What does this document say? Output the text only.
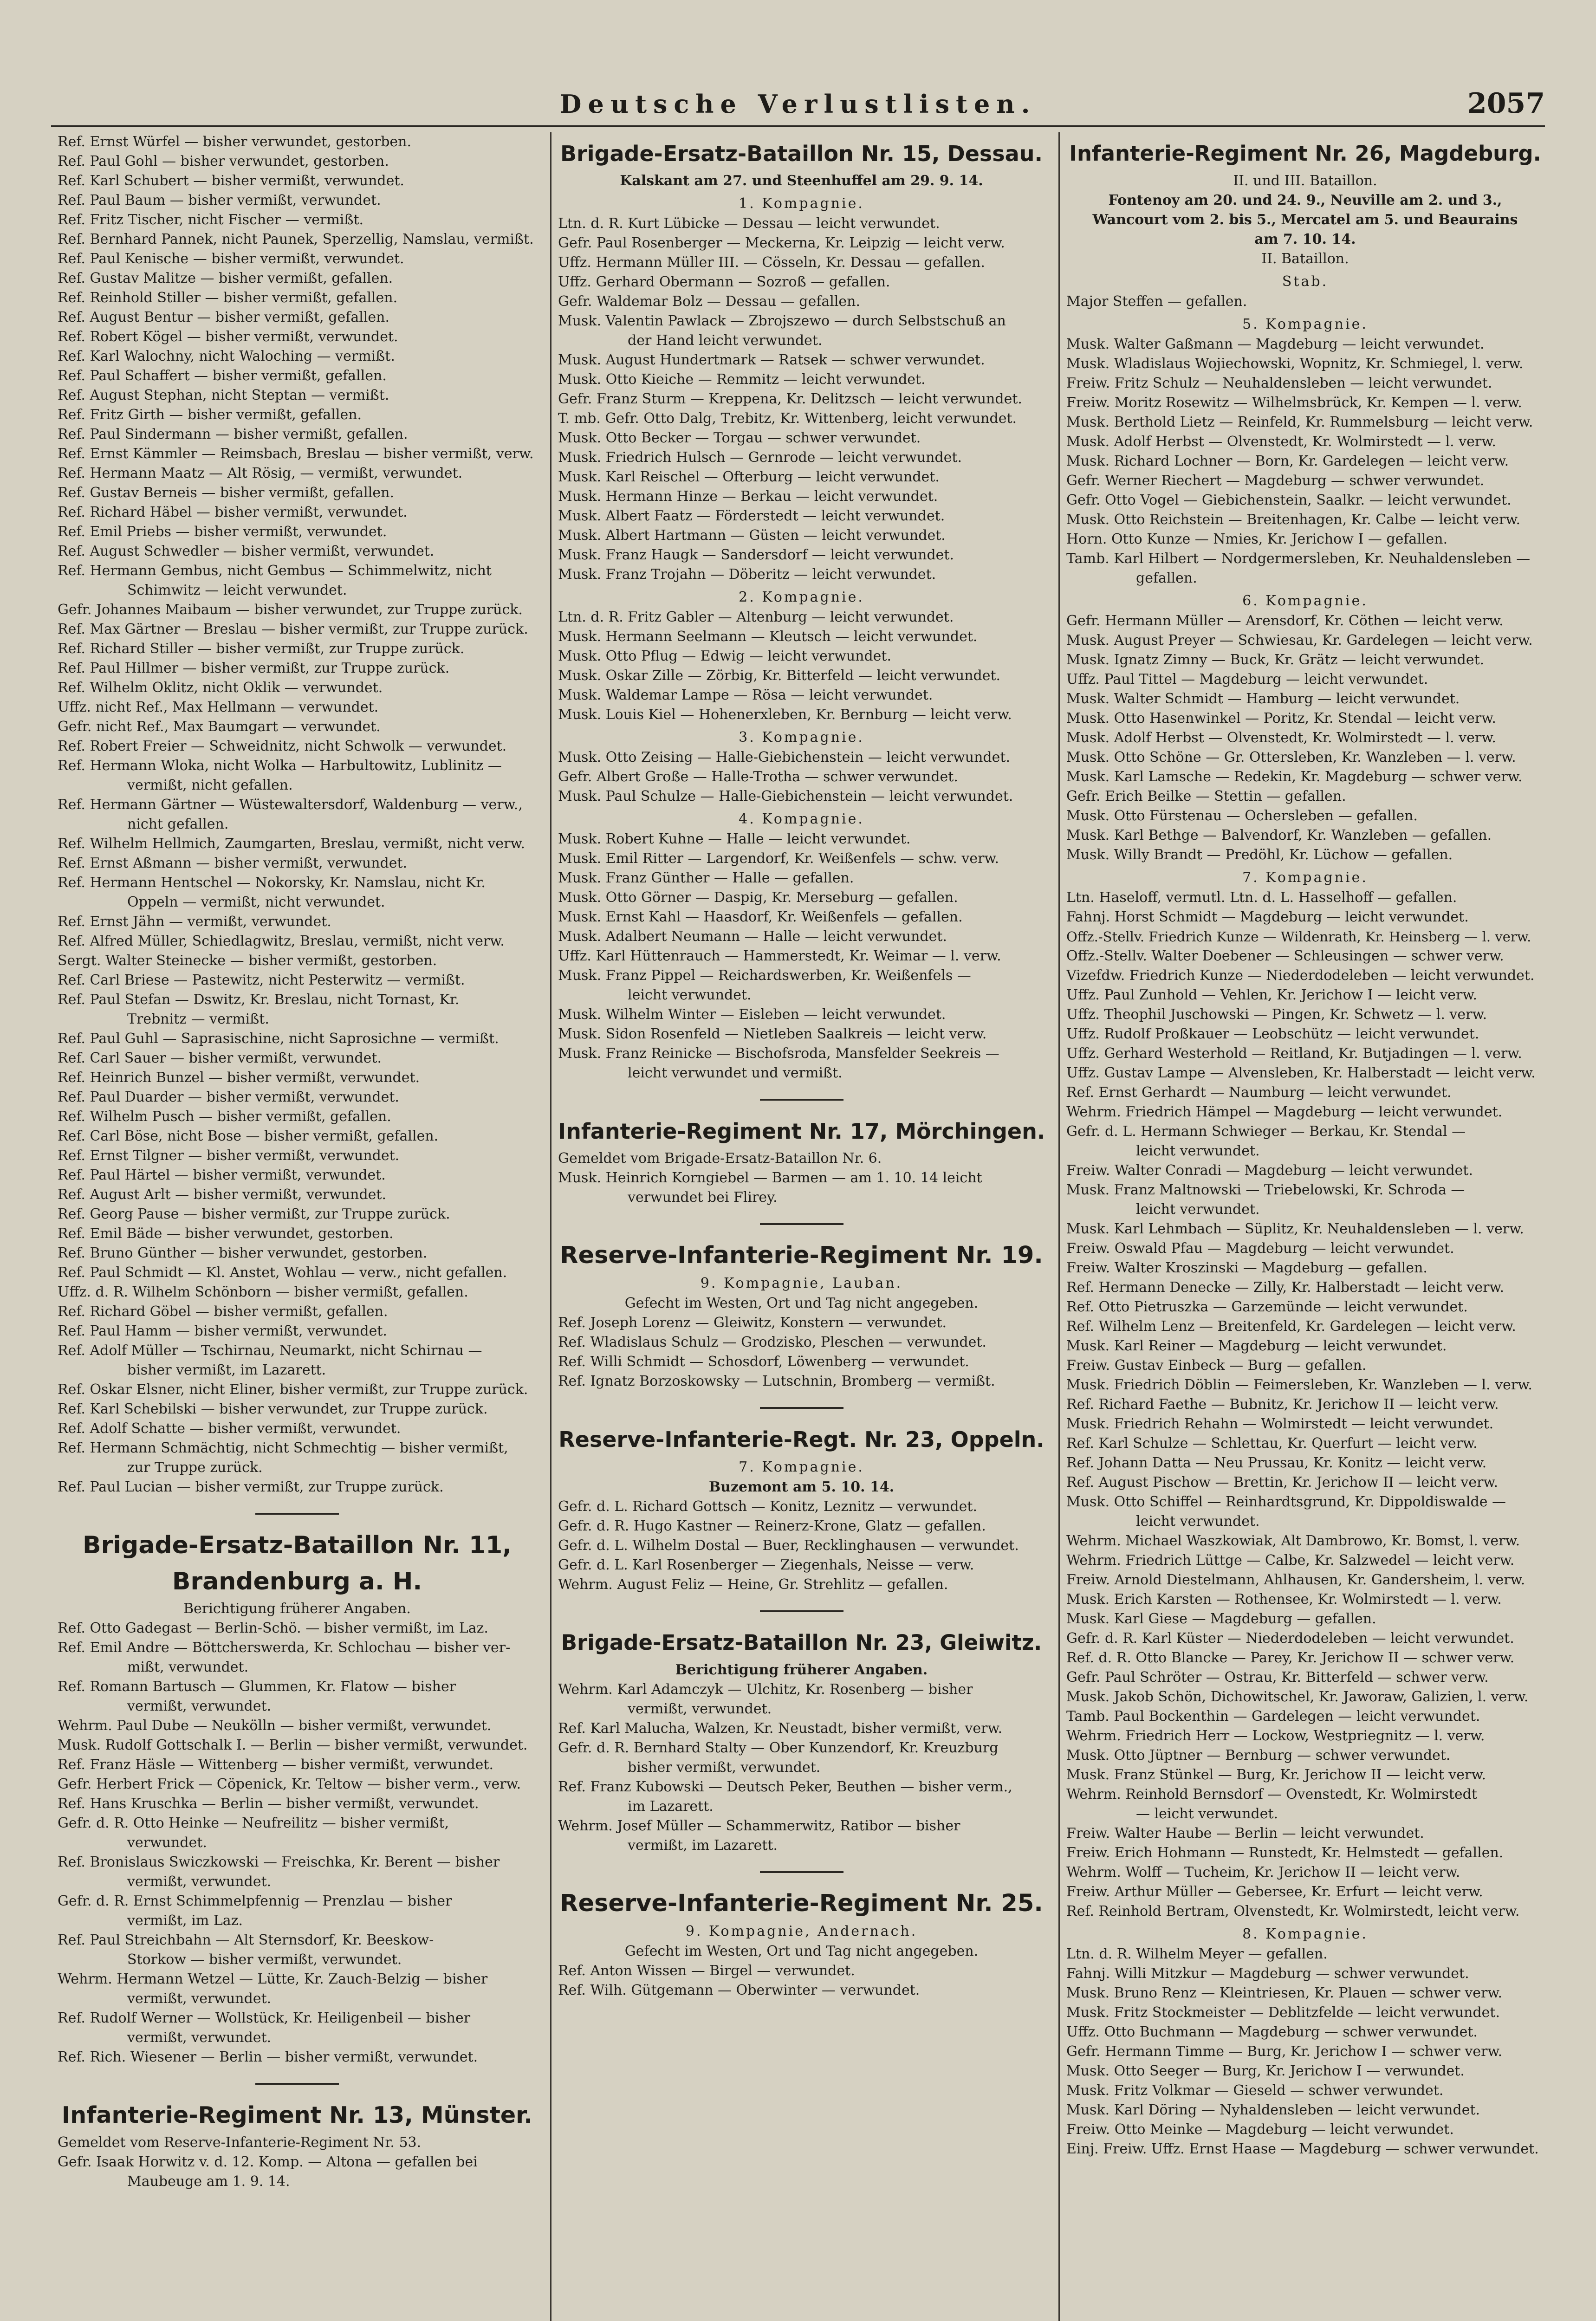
Deutsche Verlustlisten.	2057
Ref. Ernst Würfel — bisher verwundet, gestorben.
Ref. Paul Gohl — bisher verwundet, gestorben.
Ref. Karl Schubert — bisher vermißt, verwundet.
Ref. Paul Baum — bisher vermißt, verwundet.
Ref. Fritz Tischer, nicht Fischer — vermißt.
Ref. Bernhard Pannek, nicht Paunek, Sperzellig, Namslau, vermißt.
Ref. Paul Kenische — bisher vermißt, verwundet.
Ref. Gustav Malitze — bisher vermißt, gefallen.
Ref. Reinhold Stiller — bisher vermißt, gefallen.
Ref. August Bentur — bisher vermißt, gefallen.
Ref. Robert Kögel — bisher vermißt, verwundet.
Ref. Karl Walochny, nicht Waloching — vermißt.
Ref. Paul Schaffert — bisher vermißt, gefallen.
Ref. August Stephan, nicht Steptan — vermißt.
Ref. Fritz Girth — bisher vermißt, gefallen.
Ref. Paul Sindermann — bisher vermißt, gefallen.
Ref. Ernst Kämmler — Reimsbach, Breslau — bisher vermißt, verw.
Ref. Hermann Maatz — Alt Rösig, — vermißt, verwundet.
Ref. Gustav Berneis — bisher vermißt, gefallen.
Ref. Richard Häbel — bisher vermißt, verwundet.
Ref. Emil Priebs — bisher vermißt, verwundet.
Ref. August Schwedler — bisher vermißt, verwundet.
Ref. Hermann Gembus, nicht Gembus — Schimmelwitz, nicht
Schimwitz — leicht verwundet.
Gefr. Johannes Maibaum — bisher verwundet, zur Truppe zurück.
Ref. Max Gärtner — Breslau — bisher vermißt, zur Truppe zurück.
Ref. Richard Stiller — bisher vermißt, zur Truppe zurück.
Ref. Paul Hillmer — bisher vermißt, zur Truppe zurück.
Ref. Wilhelm Oklitz, nicht Oklik — verwundet.
Uffz. nicht Ref., Max Hellmann — verwundet.
Gefr. nicht Ref., Max Baumgart — verwundet.
Ref. Robert Freier — Schweidnitz, nicht Schwolk — verwundet.
Ref. Hermann Wloka, nicht Wolka — Harbultowitz, Lublinitz —
vermißt, nicht gefallen.
Ref. Hermann Gärtner — Wüstewaltersdorf, Waldenburg — verw.,
nicht gefallen.
Ref. Wilhelm Hellmich, Zaumgarten, Breslau, vermißt, nicht verw.
Ref. Ernst Aßmann — bisher vermißt, verwundet.
Ref. Hermann Hentschel — Nokorsky, Kr. Namslau, nicht Kr.
Oppeln — vermißt, nicht verwundet.
Ref. Ernst Jähn — vermißt, verwundet.
Ref. Alfred Müller, Schiedlagwitz, Breslau, vermißt, nicht verw.
Sergt. Walter Steinecke — bisher vermißt, gestorben.
Ref. Carl Briese — Pastewitz, nicht Pesterwitz — vermißt.
Ref. Paul Stefan — Dswitz, Kr. Breslau, nicht Tornast, Kr.
Trebnitz — vermißt.
Ref. Paul Guhl — Saprasischine, nicht Saprosichne — vermißt.
Ref. Carl Sauer — bisher vermißt, verwundet.
Ref. Heinrich Bunzel — bisher vermißt, verwundet.
Ref. Paul Duarder — bisher vermißt, verwundet.
Ref. Wilhelm Pusch — bisher vermißt, gefallen.
Ref. Carl Böse, nicht Bose — bisher vermißt, gefallen.
Ref. Ernst Tilgner — bisher vermißt, verwundet.
Ref. Paul Härtel — bisher vermißt, verwundet.
Ref. August Arlt — bisher vermißt, verwundet.
Ref. Georg Pause — bisher vermißt, zur Truppe zurück.
Ref. Emil Bäde — bisher verwundet, gestorben.
Ref. Bruno Günther — bisher verwundet, gestorben.
Ref. Paul Schmidt — Kl. Anstet, Wohlau — verw., nicht gefallen.
Uffz. d. R. Wilhelm Schönborn — bisher vermißt, gefallen.
Ref. Richard Göbel — bisher vermißt, gefallen.
Ref. Paul Hamm — bisher vermißt, verwundet.
Ref. Adolf Müller — Tschirnau, Neumarkt, nicht Schirnau —
bisher vermißt, im Lazarett.
Ref. Oskar Elsner, nicht Eliner, bisher vermißt, zur Truppe zurück.
Ref. Karl Schebilski — bisher verwundet, zur Truppe zurück.
Ref. Adolf Schatte — bisher vermißt, verwundet.
Ref. Hermann Schmächtig, nicht Schmechtig — bisher vermißt,
zur Truppe zurück.
Ref. Paul Lucian — bisher vermißt, zur Truppe zurück.
Brigade-Ersatz-Bataillon Nr. 11,
Brandenburg a. H.
Berichtigung früherer Angaben.
Ref. Otto Gadegast — Berlin-Schö. — bisher vermißt, im Laz.
Ref. Emil Andre — Böttcherswerda, Kr. Schlochau — bisher ver-
mißt, verwundet.
Ref. Romann Bartusch — Glummen, Kr. Flatow — bisher
vermißt, verwundet.
Wehrm. Paul Dube — Neukölln — bisher vermißt, verwundet.
Musk. Rudolf Gottschalk I. — Berlin — bisher vermißt, verwundet.
Ref. Franz Häsle — Wittenberg — bisher vermißt, verwundet.
Gefr. Herbert Frick — Cöpenick, Kr. Teltow — bisher verm., verw.
Ref. Hans Kruschka — Berlin — bisher vermißt, verwundet.
Gefr. d. R. Otto Heinke — Neufreilitz — bisher vermißt,
verwundet.
Ref. Bronislaus Swiczkowski — Freischka, Kr. Berent — bisher
vermißt, verwundet.
Gefr. d. R. Ernst Schimmelpfennig — Prenzlau — bisher
vermißt, im Laz.
Ref. Paul Streichbahn — Alt Sternsdorf, Kr. Beeskow-
Storkow — bisher vermißt, verwundet.
Wehrm. Hermann Wetzel — Lütte, Kr. Zauch-Belzig — bisher
vermißt, verwundet.
Ref. Rudolf Werner — Wollstück, Kr. Heiligenbeil — bisher
vermißt, verwundet.
Ref. Rich. Wiesener — Berlin — bisher vermißt, verwundet.
Infanterie-Regiment Nr. 13, Münster.
Gemeldet vom Reserve-Infanterie-Regiment Nr. 53.
Gefr. Isaak Horwitz v. d. 12. Komp. — Altona — gefallen bei
Maubeuge am 1. 9. 14.
Brigade-Ersatz-Bataillon Nr. 15, Dessau.
Kalskant am 27. und Steenhuffel am 29. 9. 14.
1. Kompagnie.
Ltn. d. R. Kurt Lübicke — Dessau — leicht verwundet.
Gefr. Paul Rosenberger — Meckerna, Kr. Leipzig — leicht verw.
Uffz. Hermann Müller III. — Cösseln, Kr. Dessau — gefallen.
Uffz. Gerhard Obermann — Sozroß — gefallen.
Gefr. Waldemar Bolz — Dessau — gefallen.
Musk. Valentin Pawlack — Zbrojszewo — durch Selbstschuß an
der Hand leicht verwundet.
Musk. August Hundertmark — Ratsek — schwer verwundet.
Musk. Otto Kieiche — Remmitz — leicht verwundet.
Gefr. Franz Sturm — Kreppena, Kr. Delitzsch — leicht verwundet.
T. mb. Gefr. Otto Dalg, Trebitz, Kr. Wittenberg, leicht verwundet.
Musk. Otto Becker — Torgau — schwer verwundet.
Musk. Friedrich Hulsch — Gernrode — leicht verwundet.
Musk. Karl Reischel — Ofterburg — leicht verwundet.
Musk. Hermann Hinze — Berkau — leicht verwundet.
Musk. Albert Faatz — Förderstedt — leicht verwundet.
Musk. Albert Hartmann — Güsten — leicht verwundet.
Musk. Franz Haugk — Sandersdorf — leicht verwundet.
Musk. Franz Trojahn — Döberitz — leicht verwundet.
2. Kompagnie.
Ltn. d. R. Fritz Gabler — Altenburg — leicht verwundet.
Musk. Hermann Seelmann — Kleutsch — leicht verwundet.
Musk. Otto Pflug — Edwig — leicht verwundet.
Musk. Oskar Zille — Zörbig, Kr. Bitterfeld — leicht verwundet.
Musk. Waldemar Lampe — Rösa — leicht verwundet.
Musk. Louis Kiel — Hohenerxleben, Kr. Bernburg — leicht verw.
3. Kompagnie.
Musk. Otto Zeising — Halle-Giebichenstein — leicht verwundet.
Gefr. Albert Große — Halle-Trotha — schwer verwundet.
Musk. Paul Schulze — Halle-Giebichenstein — leicht verwundet.
4. Kompagnie.
Musk. Robert Kuhne — Halle — leicht verwundet.
Musk. Emil Ritter — Largendorf, Kr. Weißenfels — schw. verw.
Musk. Franz Günther — Halle — gefallen.
Musk. Otto Görner — Daspig, Kr. Merseburg — gefallen.
Musk. Ernst Kahl — Haasdorf, Kr. Weißenfels — gefallen.
Musk. Adalbert Neumann — Halle — leicht verwundet.
Uffz. Karl Hüttenrauch — Hammerstedt, Kr. Weimar — l. verw.
Musk. Franz Pippel — Reichardswerben, Kr. Weißenfels —
leicht verwundet.
Musk. Wilhelm Winter — Eisleben — leicht verwundet.
Musk. Sidon Rosenfeld — Nietleben Saalkreis — leicht verw.
Musk. Franz Reinicke — Bischofsroda, Mansfelder Seekreis —
leicht verwundet und vermißt.
Infanterie-Regiment Nr. 17, Mörchingen.
Gemeldet vom Brigade-Ersatz-Bataillon Nr. 6.
Musk. Heinrich Korngiebel — Barmen — am 1. 10. 14 leicht
verwundet bei Flirey.
Reserve-Infanterie-Regiment Nr. 19.
9. Kompagnie, Lauban.
Gefecht im Westen, Ort und Tag nicht angegeben.
Ref. Joseph Lorenz — Gleiwitz, Konstern — verwundet.
Ref. Wladislaus Schulz — Grodzisko, Pleschen — verwundet.
Ref. Willi Schmidt — Schosdorf, Löwenberg — verwundet.
Ref. Ignatz Borzoskowsky — Lutschnin, Bromberg — vermißt.
Reserve-Infanterie-Regt. Nr. 23, Oppeln.
7. Kompagnie.
Buzemont am 5. 10. 14.
Gefr. d. L. Richard Gottsch — Konitz, Leznitz — verwundet.
Gefr. d. R. Hugo Kastner — Reinerz-Krone, Glatz — gefallen.
Gefr. d. L. Wilhelm Dostal — Buer, Recklinghausen — verwundet.
Gefr. d. L. Karl Rosenberger — Ziegenhals, Neisse — verw.
Wehrm. August Feliz — Heine, Gr. Strehlitz — gefallen.
Brigade-Ersatz-Bataillon Nr. 23, Gleiwitz.
Berichtigung früherer Angaben.
Wehrm. Karl Adamczyk — Ulchitz, Kr. Rosenberg — bisher
vermißt, verwundet.
Ref. Karl Malucha, Walzen, Kr. Neustadt, bisher vermißt, verw.
Gefr. d. R. Bernhard Stalty — Ober Kunzendorf, Kr. Kreuzburg
bisher vermißt, verwundet.
Ref. Franz Kubowski — Deutsch Peker, Beuthen — bisher verm.,
im Lazarett.
Wehrm. Josef Müller — Schammerwitz, Ratibor — bisher
vermißt, im Lazarett.
Reserve-Infanterie-Regiment Nr. 25.
9. Kompagnie, Andernach.
Gefecht im Westen, Ort und Tag nicht angegeben.
Ref. Anton Wissen — Birgel — verwundet.
Ref. Wilh. Gütgemann — Oberwinter — verwundet.
Infanterie-Regiment Nr. 26, Magdeburg.
II. und III. Bataillon.
Fontenoy am 20. und 24. 9., Neuville am 2. und 3.,
Wancourt vom 2. bis 5., Mercatel am 5. und Beaurains
am 7. 10. 14.
II. Bataillon.
Stab.
Major Steffen — gefallen.
5. Kompagnie.
Musk. Walter Gaßmann — Magdeburg — leicht verwundet.
Musk. Wladislaus Wojiechowski, Wopnitz, Kr. Schmiegel, l. verw.
Freiw. Fritz Schulz — Neuhaldensleben — leicht verwundet.
Freiw. Moritz Rosewitz — Wilhelmsbrück, Kr. Kempen — l. verw.
Musk. Berthold Lietz — Reinfeld, Kr. Rummelsburg — leicht verw.
Musk. Adolf Herbst — Olvenstedt, Kr. Wolmirstedt — l. verw.
Musk. Richard Lochner — Born, Kr. Gardelegen — leicht verw.
Gefr. Werner Riechert — Magdeburg — schwer verwundet.
Gefr. Otto Vogel — Giebichenstein, Saalkr. — leicht verwundet.
Musk. Otto Reichstein — Breitenhagen, Kr. Calbe — leicht verw.
Horn. Otto Kunze — Nmies, Kr. Jerichow I — gefallen.
Tamb. Karl Hilbert — Nordgermersleben, Kr. Neuhaldensleben —
gefallen.
6. Kompagnie.
Gefr. Hermann Müller — Arensdorf, Kr. Cöthen — leicht verw.
Musk. August Preyer — Schwiesau, Kr. Gardelegen — leicht verw.
Musk. Ignatz Zimny — Buck, Kr. Grätz — leicht verwundet.
Uffz. Paul Tittel — Magdeburg — leicht verwundet.
Musk. Walter Schmidt — Hamburg — leicht verwundet.
Musk. Otto Hasenwinkel — Poritz, Kr. Stendal — leicht verw.
Musk. Adolf Herbst — Olvenstedt, Kr. Wolmirstedt — l. verw.
Musk. Otto Schöne — Gr. Ottersleben, Kr. Wanzleben — l. verw.
Musk. Karl Lamsche — Redekin, Kr. Magdeburg — schwer verw.
Gefr. Erich Beilke — Stettin — gefallen.
Musk. Otto Fürstenau — Ochersleben — gefallen.
Musk. Karl Bethge — Balvendorf, Kr. Wanzleben — gefallen.
Musk. Willy Brandt — Predöhl, Kr. Lüchow — gefallen.
7. Kompagnie.
Ltn. Haseloff, vermutl. Ltn. d. L. Hasselhoff — gefallen.
Fahnj. Horst Schmidt — Magdeburg — leicht verwundet.
Offz.-Stellv. Friedrich Kunze — Wildenrath, Kr. Heinsberg — l. verw.
Offz.-Stellv. Walter Doebener — Schleusingen — schwer verw.
Vizefdw. Friedrich Kunze — Niederdodeleben — leicht verwundet.
Uffz. Paul Zunhold — Vehlen, Kr. Jerichow I — leicht verw.
Uffz. Theophil Juschowski — Pingen, Kr. Schwetz — l. verw.
Uffz. Rudolf Proßkauer — Leobschütz — leicht verwundet.
Uffz. Gerhard Westerhold — Reitland, Kr. Butjadingen — l. verw.
Uffz. Gustav Lampe — Alvensleben, Kr. Halberstadt — leicht verw.
Ref. Ernst Gerhardt — Naumburg — leicht verwundet.
Wehrm. Friedrich Hämpel — Magdeburg — leicht verwundet.
Gefr. d. L. Hermann Schwieger — Berkau, Kr. Stendal —
leicht verwundet.
Freiw. Walter Conradi — Magdeburg — leicht verwundet.
Musk. Franz Maltnowski — Triebelowski, Kr. Schroda —
leicht verwundet.
Musk. Karl Lehmbach — Süplitz, Kr. Neuhaldensleben — l. verw.
Freiw. Oswald Pfau — Magdeburg — leicht verwundet.
Freiw. Walter Kroszinski — Magdeburg — gefallen.
Ref. Hermann Denecke — Zilly, Kr. Halberstadt — leicht verw.
Ref. Otto Pietruszka — Garzemünde — leicht verwundet.
Ref. Wilhelm Lenz — Breitenfeld, Kr. Gardelegen — leicht verw.
Musk. Karl Reiner — Magdeburg — leicht verwundet.
Freiw. Gustav Einbeck — Burg — gefallen.
Musk. Friedrich Döblin — Feimersleben, Kr. Wanzleben — l. verw.
Ref. Richard Faethe — Bubnitz, Kr. Jerichow II — leicht verw.
Musk. Friedrich Rehahn — Wolmirstedt — leicht verwundet.
Ref. Karl Schulze — Schlettau, Kr. Querfurt — leicht verw.
Ref. Johann Datta — Neu Prussau, Kr. Konitz — leicht verw.
Ref. August Pischow — Brettin, Kr. Jerichow II — leicht verw.
Musk. Otto Schiffel — Reinhardtsgrund, Kr. Dippoldiswalde —
leicht verwundet.
Wehrm. Michael Waszkowiak, Alt Dambrowo, Kr. Bomst, l. verw.
Wehrm. Friedrich Lüttge — Calbe, Kr. Salzwedel — leicht verw.
Freiw. Arnold Diestelmann, Ahlhausen, Kr. Gandersheim, l. verw.
Musk. Erich Karsten — Rothensee, Kr. Wolmirstedt — l. verw.
Musk. Karl Giese — Magdeburg — gefallen.
Gefr. d. R. Karl Küster — Niederdodeleben — leicht verwundet.
Ref. d. R. Otto Blancke — Parey, Kr. Jerichow II — schwer verw.
Gefr. Paul Schröter — Ostrau, Kr. Bitterfeld — schwer verw.
Musk. Jakob Schön, Dichowitschel, Kr. Jaworaw, Galizien, l. verw.
Tamb. Paul Bockenthin — Gardelegen — leicht verwundet.
Wehrm. Friedrich Herr — Lockow, Westpriegnitz — l. verw.
Musk. Otto Jüptner — Bernburg — schwer verwundet.
Musk. Franz Stünkel — Burg, Kr. Jerichow II — leicht verw.
Wehrm. Reinhold Bernsdorf — Ovenstedt, Kr. Wolmirstedt
— leicht verwundet.
Freiw. Walter Haube — Berlin — leicht verwundet.
Freiw. Erich Hohmann — Runstedt, Kr. Helmstedt — gefallen.
Wehrm. Wolff — Tucheim, Kr. Jerichow II — leicht verw.
Freiw. Arthur Müller — Gebersee, Kr. Erfurt — leicht verw.
Ref. Reinhold Bertram, Olvenstedt, Kr. Wolmirstedt, leicht verw.
8. Kompagnie.
Ltn. d. R. Wilhelm Meyer — gefallen.
Fahnj. Willi Mitzkur — Magdeburg — schwer verwundet.
Musk. Bruno Renz — Kleintriesen, Kr. Plauen — schwer verw.
Musk. Fritz Stockmeister — Deblitzfelde — leicht verwundet.
Uffz. Otto Buchmann — Magdeburg — schwer verwundet.
Gefr. Hermann Timme — Burg, Kr. Jerichow I — schwer verw.
Musk. Otto Seeger — Burg, Kr. Jerichow I — verwundet.
Musk. Fritz Volkmar — Gieseld — schwer verwundet.
Musk. Karl Döring — Nyhaldensleben — leicht verwundet.
Freiw. Otto Meinke — Magdeburg — leicht verwundet.
Einj. Freiw. Uffz. Ernst Haase — Magdeburg — schwer verwundet.
